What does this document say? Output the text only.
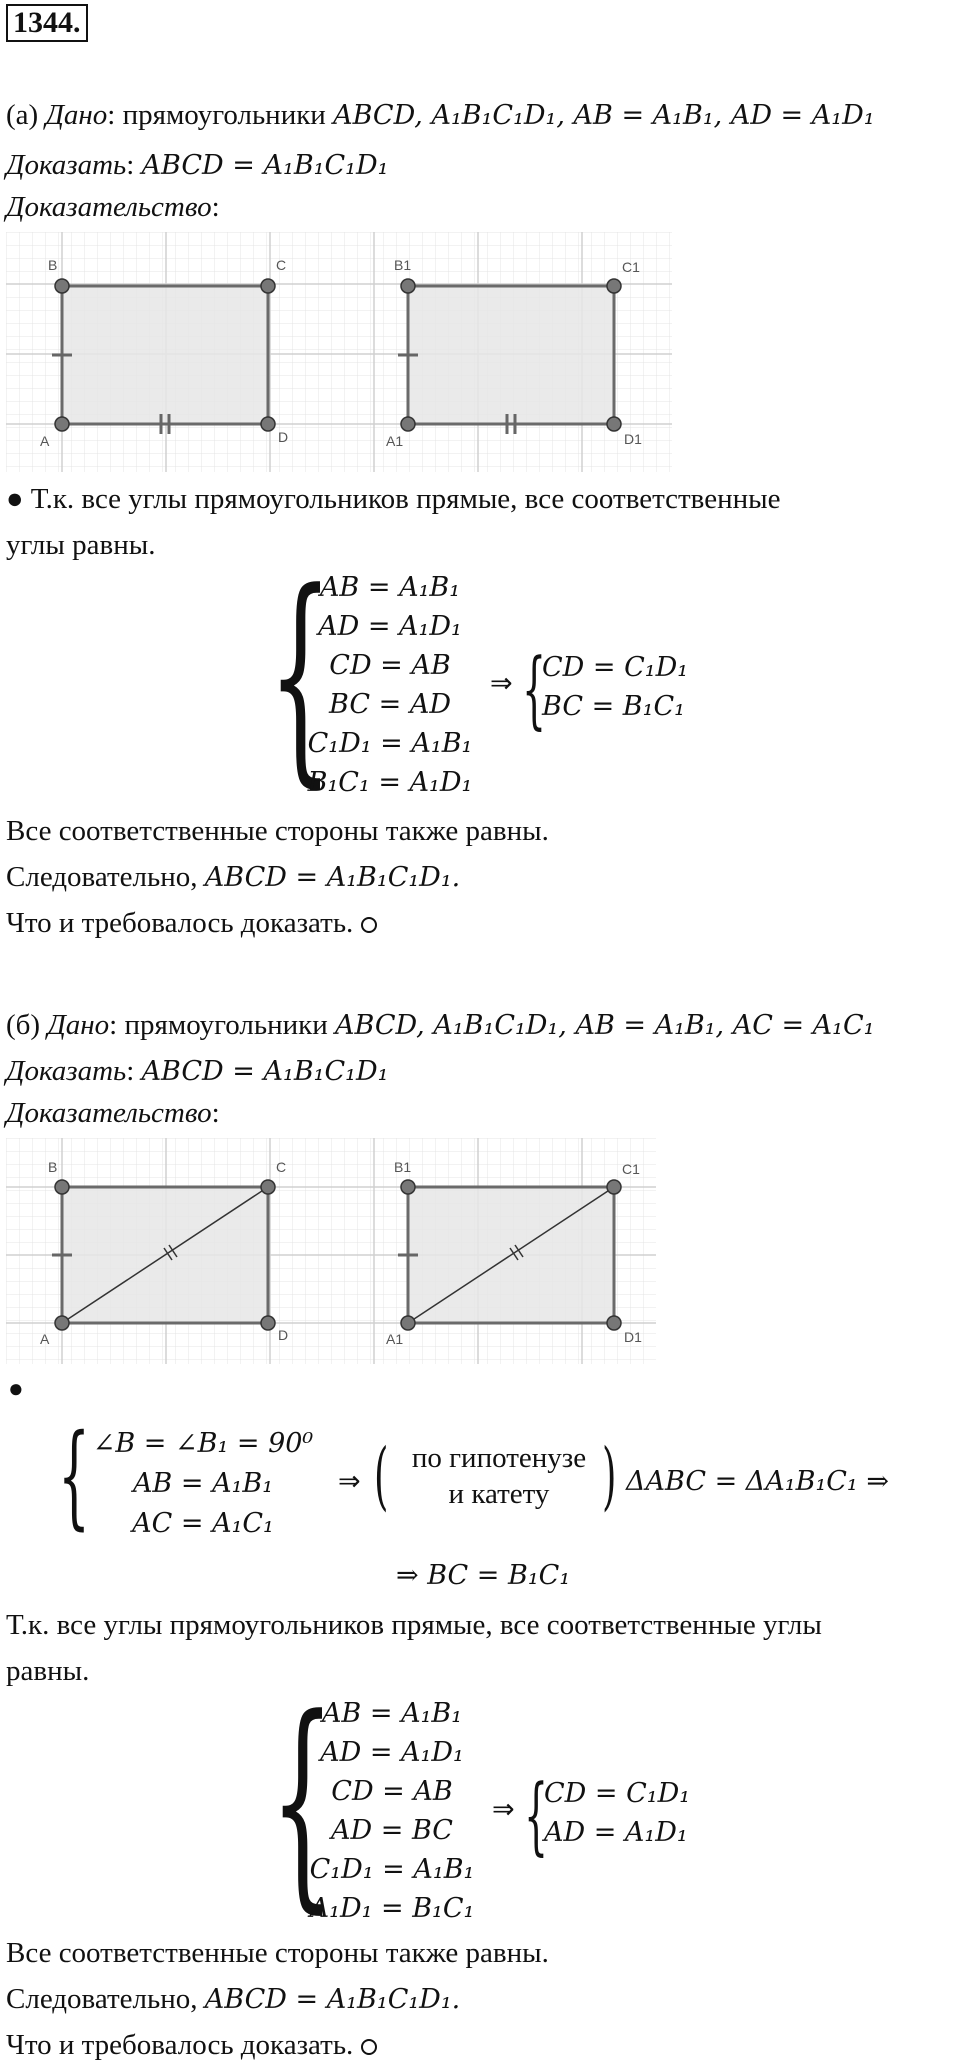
1344.
(а) Дано: прямоугольники ABCD, A₁B₁C₁D₁, AB = A₁B₁, AD = A₁D₁
Доказать: ABCD = A₁B₁C₁D₁
Доказательство:
B	C
A	D
B1	C1
A1	D1
● Т.к. все углы прямоугольников прямые, все соответственные
углы равны. {
AB = A₁B₁
AD = A₁D₁
CD = AB
BC = AD
C₁D₁ = A₁B₁
B₁C₁ = A₁D₁
⇒ {
CD = C₁D₁
BC = B₁C₁
Все соответственные стороны также равны.
Следовательно, ABCD = A₁B₁C₁D₁.
Что и требовалось доказать.
(б) Дано: прямоугольники ABCD, A₁B₁C₁D₁, AB = A₁B₁, AC = A₁C₁
Доказать: ABCD = A₁B₁C₁D₁
Доказательство:
B	C
A	D
B1	C1
A1	D1
●
{ ∠B = ∠B₁ = 90⁰
AB = A₁B₁
AC = A₁C₁
⇒ ( по гипотенузе
и катету ) ΔABC = ΔA₁B₁C₁ ⇒
⇒ BC = B₁C₁
Т.к. все углы прямоугольников прямые, все соответственные углы
равны. {
AB = A₁B₁
AD = A₁D₁
CD = AB
AD = BC
C₁D₁ = A₁B₁
A₁D₁ = B₁C₁
⇒ {
CD = C₁D₁
AD = A₁D₁
Все соответственные стороны также равны.
Следовательно, ABCD = A₁B₁C₁D₁.
Что и требовалось доказать.
